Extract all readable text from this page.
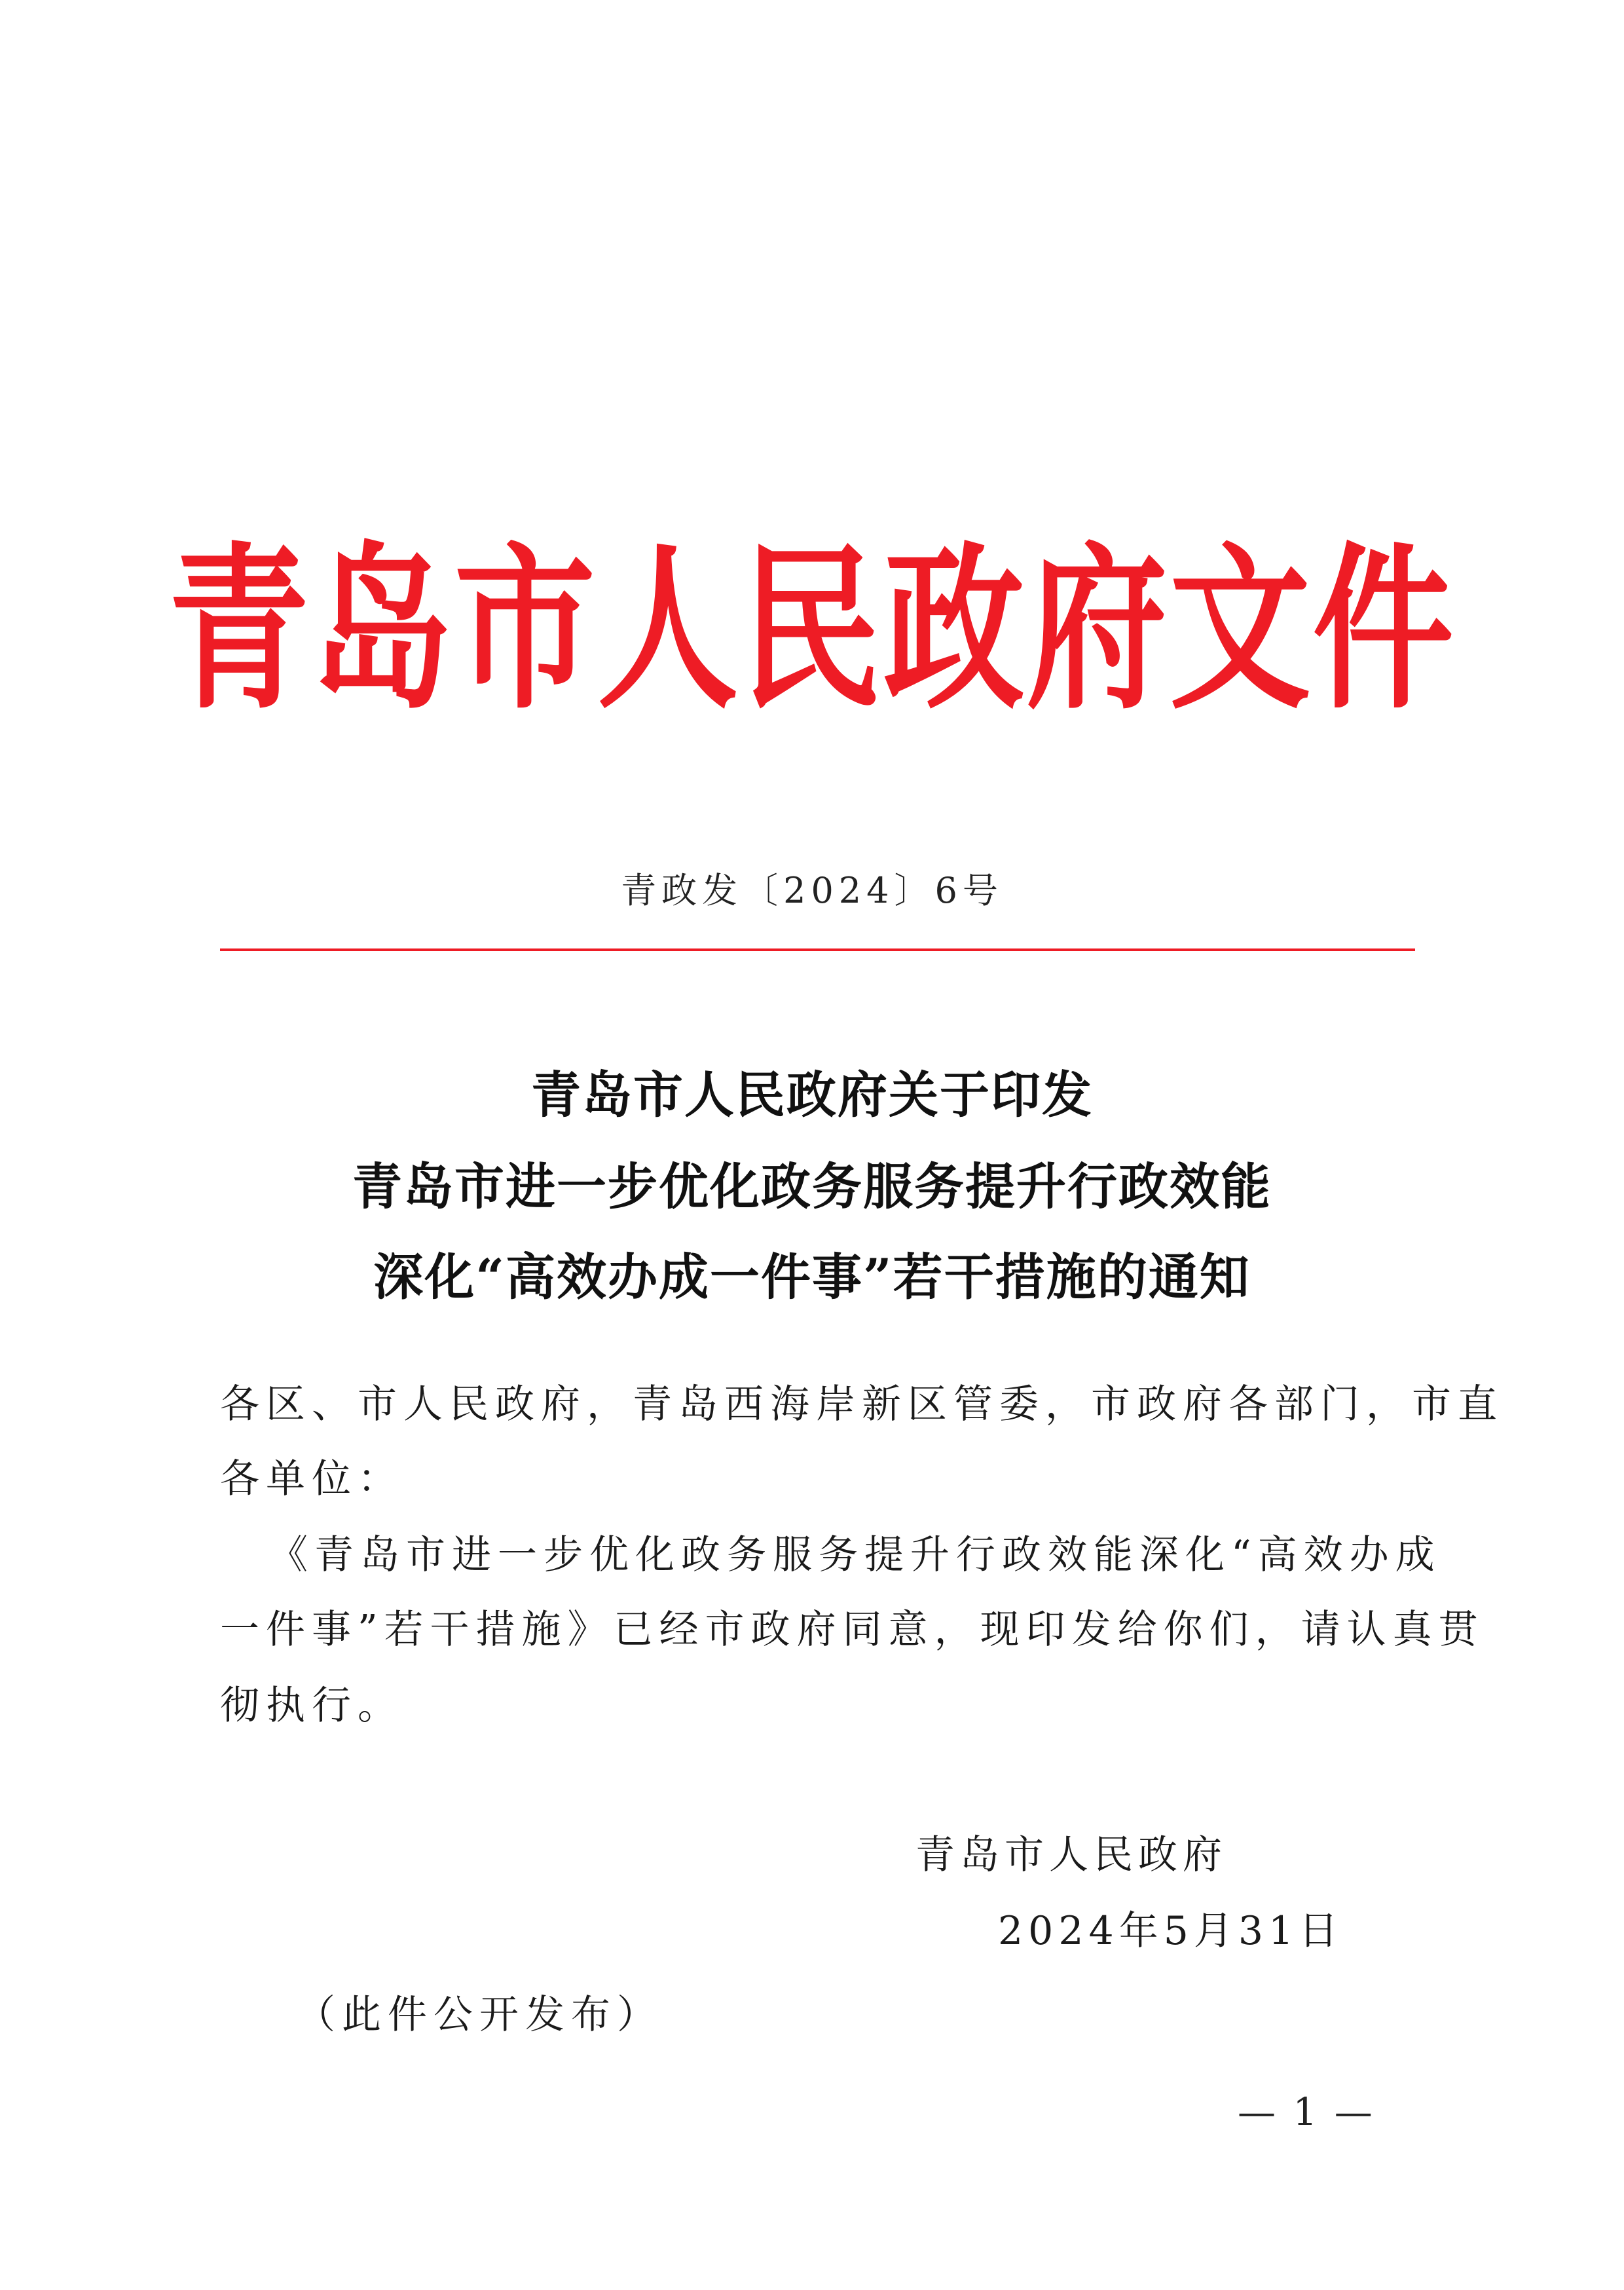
青岛市人民政府文件
青政发〔2024〕6号
青岛市人民政府关于印发
青岛市进一步优化政务服务提升行政效能
深化“高效办成一件事”若干措施的通知
各区、市人民政府，青岛西海岸新区管委，市政府各部门，市直
各单位：
《青岛市进一步优化政务服务提升行政效能深化“高效办成
一件事”若干措施》已经市政府同意，现印发给你们，请认真贯
彻执行。
青岛市人民政府
2024年5月31日
（此件公开发布）
— 1 —
